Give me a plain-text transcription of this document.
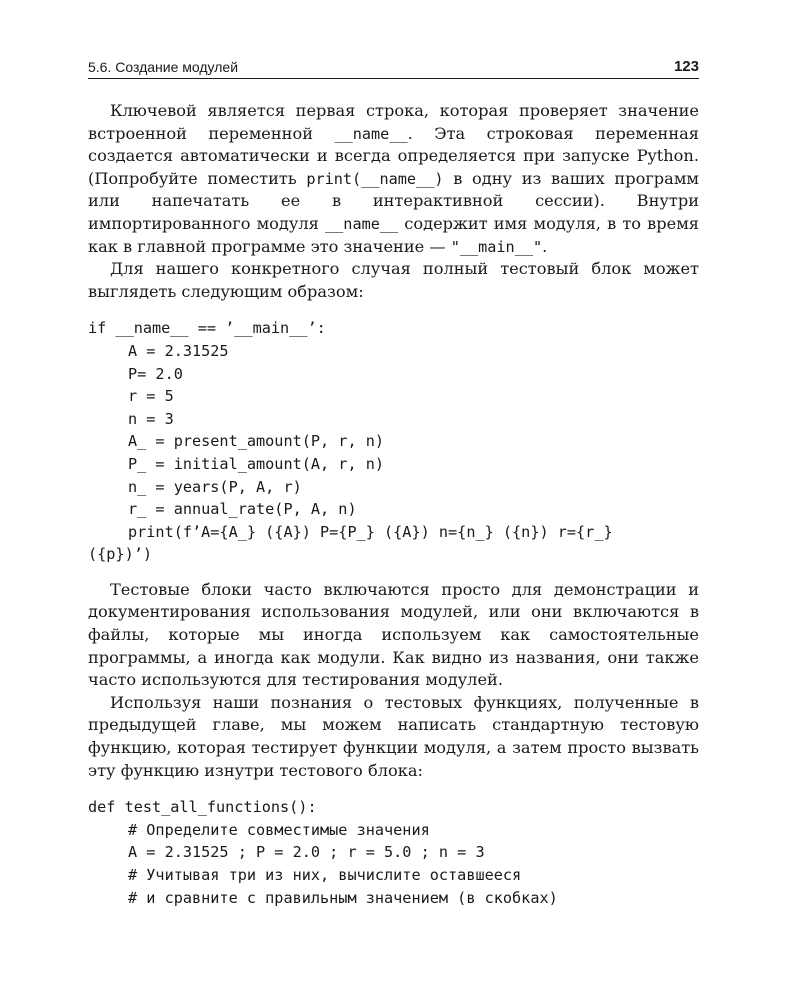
5.6. Создание модулей	123

Ключевой является первая строка, которая проверяет значение встроенной переменной __name__. Эта строковая переменная создается автоматически и всегда определяется при запуске Python. (Попробуйте поместить print(__name__) в одну из ваших программ или напечатать ее в интерактивной сессии). Внутри импортированного модуля __name__ содержит имя модуля, в то время как в главной программе это значение — "__main__".

Для нашего конкретного случая полный тестовый блок может выглядеть следующим образом:

if __name__ == ’__main__’:
A = 2.31525
P= 2.0
r = 5
n = 3
A_ = present_amount(P, r, n)
P_ = initial_amount(A, r, n)
n_ = years(P, A, r)
r_ = annual_rate(P, A, n)
print(f’A={A_} ({A}) P={P_} ({A}) n={n_} ({n}) r={r_}
({p})’)

Тестовые блоки часто включаются просто для демонстрации и документирования использования модулей, или они включаются в файлы, которые мы иногда используем как самостоятельные программы, а иногда как модули. Как видно из названия, они также часто используются для тестирования модулей.

Используя наши познания о тестовых функциях, полученные в предыдущей главе, мы можем написать стандартную тестовую функцию, которая тестирует функции модуля, а затем просто вызвать эту функцию изнутри тестового блока:

def test_all_functions():
# Определите совместимые значения
A = 2.31525 ; P = 2.0 ; r = 5.0 ; n = 3
# Учитывая три из них, вычислите оставшееся
# и сравните с правильным значением (в скобках)
